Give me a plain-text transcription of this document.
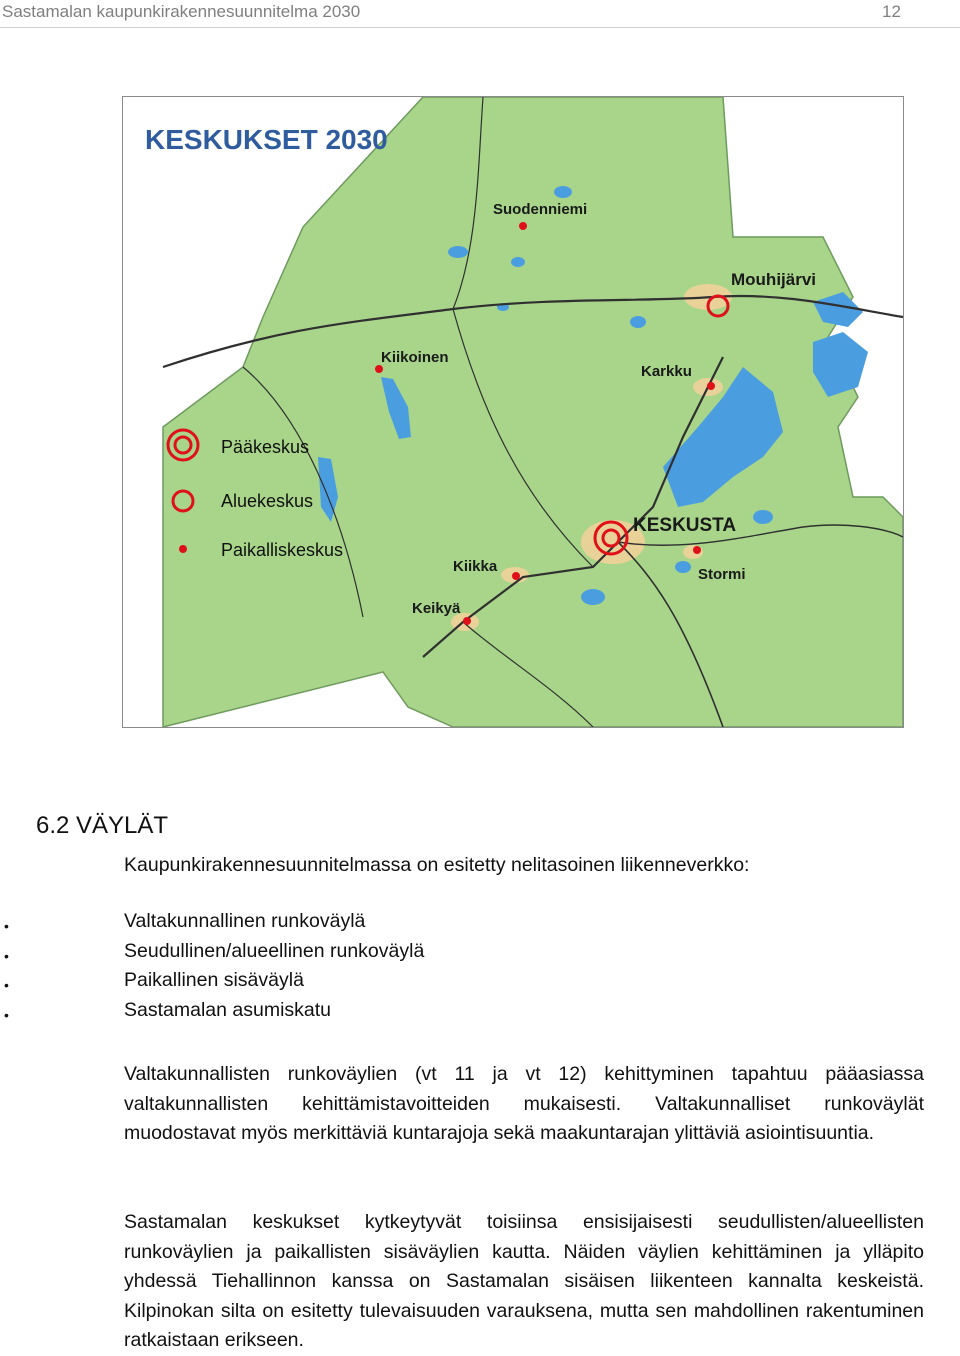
Sastamalan kaupunkirakennesuunnitelma 2030	12
KESKUKSET 2030
Pääkeskus
Aluekeskus
Paikalliskeskus
Suodenniemi
Mouhijärvi
Kiikoinen
Karkku
KESKUSTA
Stormi
Kiikka
Keikyä
6.2 VÄYLÄT
Kaupunkirakennesuunnitelmassa on esitetty nelitasoinen liikenneverkko:
•	Valtakunnallinen runkoväylä
•	Seudullinen/alueellinen runkoväylä
•	Paikallinen sisäväylä
•	Sastamalan asumiskatu

Valtakunnallisten runkoväylien (vt 11 ja vt 12) kehittyminen tapahtuu pääasiassa valtakunnallisten kehittämistavoitteiden mukaisesti. Valtakunnalliset runkoväylät muodostavat myös merkittäviä kuntarajoja sekä maakuntarajan ylittäviä asiointisuuntia.

Sastamalan keskukset kytkeytyvät toisiinsa ensisijaisesti seudullisten/alueellisten runkoväylien ja paikallisten sisäväylien kautta. Näiden väylien kehittäminen ja ylläpito yhdessä Tiehallinnon kanssa on Sastamalan sisäisen liikenteen kannalta keskeistä. Kilpinokan silta on esitetty tulevaisuuden varauksena, mutta sen mahdollinen rakentuminen ratkaistaan erikseen.
